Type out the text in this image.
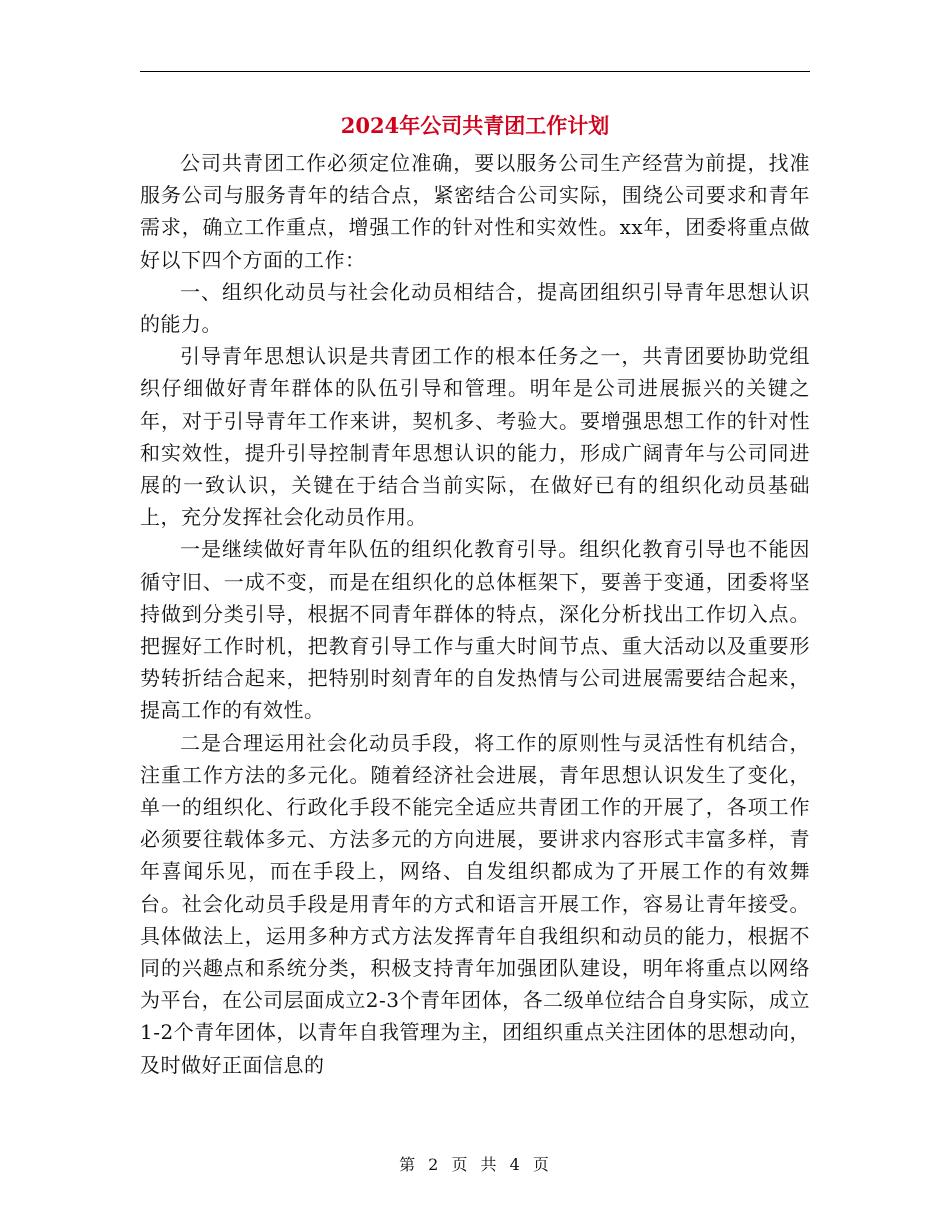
2024年公司共青团工作计划

公司共青团工作必须定位准确，要以服务公司生产经营为前提，找准服务公司与服务青年的结合点，紧密结合公司实际，围绕公司要求和青年需求，确立工作重点，增强工作的针对性和实效性。xx年，团委将重点做好以下四个方面的工作：

一、组织化动员与社会化动员相结合，提高团组织引导青年思想认识的能力。

引导青年思想认识是共青团工作的根本任务之一，共青团要协助党组织仔细做好青年群体的队伍引导和管理。明年是公司进展振兴的关键之年，对于引导青年工作来讲，契机多、考验大。要增强思想工作的针对性和实效性，提升引导控制青年思想认识的能力，形成广阔青年与公司同进展的一致认识，关键在于结合当前实际，在做好已有的组织化动员基础上，充分发挥社会化动员作用。

一是继续做好青年队伍的组织化教育引导。组织化教育引导也不能因循守旧、一成不变，而是在组织化的总体框架下，要善于变通，团委将坚持做到分类引导，根据不同青年群体的特点，深化分析找出工作切入点。把握好工作时机，把教育引导工作与重大时间节点、重大活动以及重要形势转折结合起来，把特别时刻青年的自发热情与公司进展需要结合起来，提高工作的有效性。

二是合理运用社会化动员手段，将工作的原则性与灵活性有机结合，注重工作方法的多元化。随着经济社会进展，青年思想认识发生了变化，单一的组织化、行政化手段不能完全适应共青团工作的开展了，各项工作必须要往载体多元、方法多元的方向进展，要讲求内容形式丰富多样，青年喜闻乐见，而在手段上，网络、自发组织都成为了开展工作的有效舞台。社会化动员手段是用青年的方式和语言开展工作，容易让青年接受。具体做法上，运用多种方式方法发挥青年自我组织和动员的能力，根据不同的兴趣点和系统分类，积极支持青年加强团队建设，明年将重点以网络为平台，在公司层面成立2-3个青年团体，各二级单位结合自身实际，成立1-2个青年团体，以青年自我管理为主，团组织重点关注团体的思想动向，及时做好正面信息的

第 2 页 共 4 页
